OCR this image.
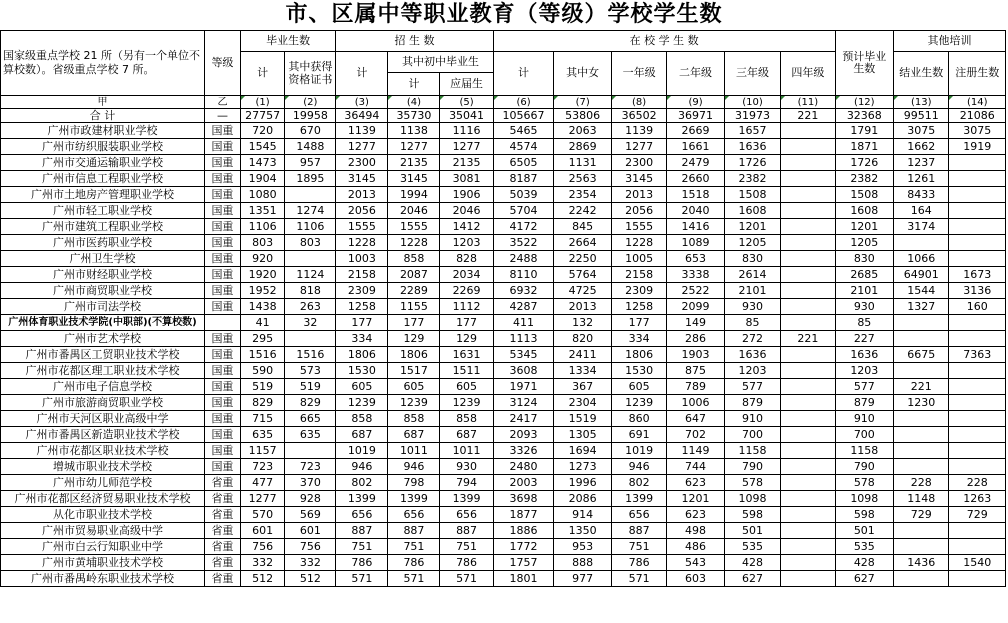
市、区属中等职业教育（等级）学校学生数
国家级重点学校 21 所（另有一个单位不算校数）。省级重点学校 7 所。	等级	毕业生数		招 生 数			在 校 学 生 数						预计毕业生数	其他培训	
		计	其中获得资格证书	计	其中初中毕业生		计	其中女	一年级	二年级	三年级	四年级		结业生数	注册生数
					计	应届生									
甲	乙	(1)	(2)	(3)	(4)	(5)	(6)	(7)	(8)	(9)	(10)	(11)	(12)	(13)	(14)
合 计	—	27757	19958	36494	35730	35041	105667	53806	36502	36971	31973	221	32368	99511	21086
广州市政建材职业学校	国重	720	670	1139	1138	1116	5465	2063	1139	2669	1657		1791	3075	3075
广州市纺织服装职业学校	国重	1545	1488	1277	1277	1277	4574	2869	1277	1661	1636		1871	1662	1919
广州市交通运输职业学校	国重	1473	957	2300	2135	2135	6505	1131	2300	2479	1726		1726	1237	
广州市信息工程职业学校	国重	1904	1895	3145	3145	3081	8187	2563	3145	2660	2382		2382	1261	
广州市土地房产管理职业学校	国重	1080		2013	1994	1906	5039	2354	2013	1518	1508		1508	8433	
广州市轻工职业学校	国重	1351	1274	2056	2046	2046	5704	2242	2056	2040	1608		1608	164	
广州市建筑工程职业学校	国重	1106	1106	1555	1555	1412	4172	845	1555	1416	1201		1201	3174	
广州市医药职业学校	国重	803	803	1228	1228	1203	3522	2664	1228	1089	1205		1205		
广州卫生学校	国重	920		1003	858	828	2488	2250	1005	653	830		830	1066	
广州市财经职业学校	国重	1920	1124	2158	2087	2034	8110	5764	2158	3338	2614		2685	64901	1673
广州市商贸职业学校	国重	1952	818	2309	2289	2269	6932	4725	2309	2522	2101		2101	1544	3136
广州市司法学校	国重	1438	263	1258	1155	1112	4287	2013	1258	2099	930		930	1327	160
广州体育职业技术学院(中职部)(不算校数)		41	32	177	177	177	411	132	177	149	85		85		
广州市艺术学校	国重	295		334	129	129	1113	820	334	286	272	221	227		
广州市番禺区工贸职业技术学校	国重	1516	1516	1806	1806	1631	5345	2411	1806	1903	1636		1636	6675	7363
广州市花都区理工职业技术学校	国重	590	573	1530	1517	1511	3608	1334	1530	875	1203		1203		
广州市电子信息学校	国重	519	519	605	605	605	1971	367	605	789	577		577	221	
广州市旅游商贸职业学校	国重	829	829	1239	1239	1239	3124	2304	1239	1006	879		879	1230	
广州市天河区职业高级中学	国重	715	665	858	858	858	2417	1519	860	647	910		910		
广州市番禺区新造职业技术学校	国重	635	635	687	687	687	2093	1305	691	702	700		700		
广州市花都区职业技术学校	国重	1157		1019	1011	1011	3326	1694	1019	1149	1158		1158		
增城市职业技术学校	国重	723	723	946	946	930	2480	1273	946	744	790		790		
广州市幼儿师范学校	省重	477	370	802	798	794	2003	1996	802	623	578		578	228	228
广州市花都区经济贸易职业技术学校	省重	1277	928	1399	1399	1399	3698	2086	1399	1201	1098		1098	1148	1263
从化市职业技术学校	省重	570	569	656	656	656	1877	914	656	623	598		598	729	729
广州市贸易职业高级中学	省重	601	601	887	887	887	1886	1350	887	498	501		501		
广州市白云行知职业中学	省重	756	756	751	751	751	1772	953	751	486	535		535		
广州市黄埔职业技术学校	省重	332	332	786	786	786	1757	888	786	543	428		428	1436	1540
广州市番禺岭东职业技术学校	省重	512	512	571	571	571	1801	977	571	603	627		627		
